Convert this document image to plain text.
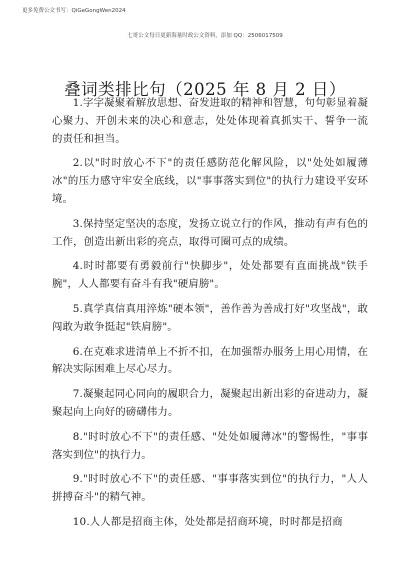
更多免费公文书写：QiGeGongWen2024
七哥公文每日更新海量时政公文资料，添加 QQ：2506017509
叠词类排比句（2025 年 8 月 2 日）

1.字字凝聚着解放思想、奋发进取的精神和智慧，句句彰显着凝心聚力、开创未来的决心和意志，处处体现着真抓实干、誓争一流的责任和担当。

2.以"时时放心不下"的责任感防范化解风险，以"处处如履薄冰"的压力感守牢安全底线，以"事事落实到位"的执行力建设平安环境。

3.保持坚定坚决的态度，发扬立说立行的作风，推动有声有色的工作，创造出新出彩的亮点，取得可圈可点的成绩。

4.时时都要有勇毅前行"快脚步"，处处都要有直面挑战"铁手腕"，人人都要有奋斗有我"硬肩膀"。

5.真学真信真用淬炼"硬本领"，善作善为善成打好"攻坚战"，敢闯敢为敢争挺起"铁肩膀"。

6.在克难求进清单上不折不扣，在加强帮办服务上用心用情，在解决实际困难上尽心尽力。

7.凝聚起同心同向的履职合力，凝聚起出新出彩的奋进动力，凝聚起向上向好的磅礴伟力。

8."时时放心不下"的责任感、"处处如履薄冰"的警惕性，"事事落实到位"的执行力。

9."时时放心不下"的责任感、"事事落实到位"的执行力，"人人拼搏奋斗"的精气神。

10.人人都是招商主体，处处都是招商环境，时时都是招商
